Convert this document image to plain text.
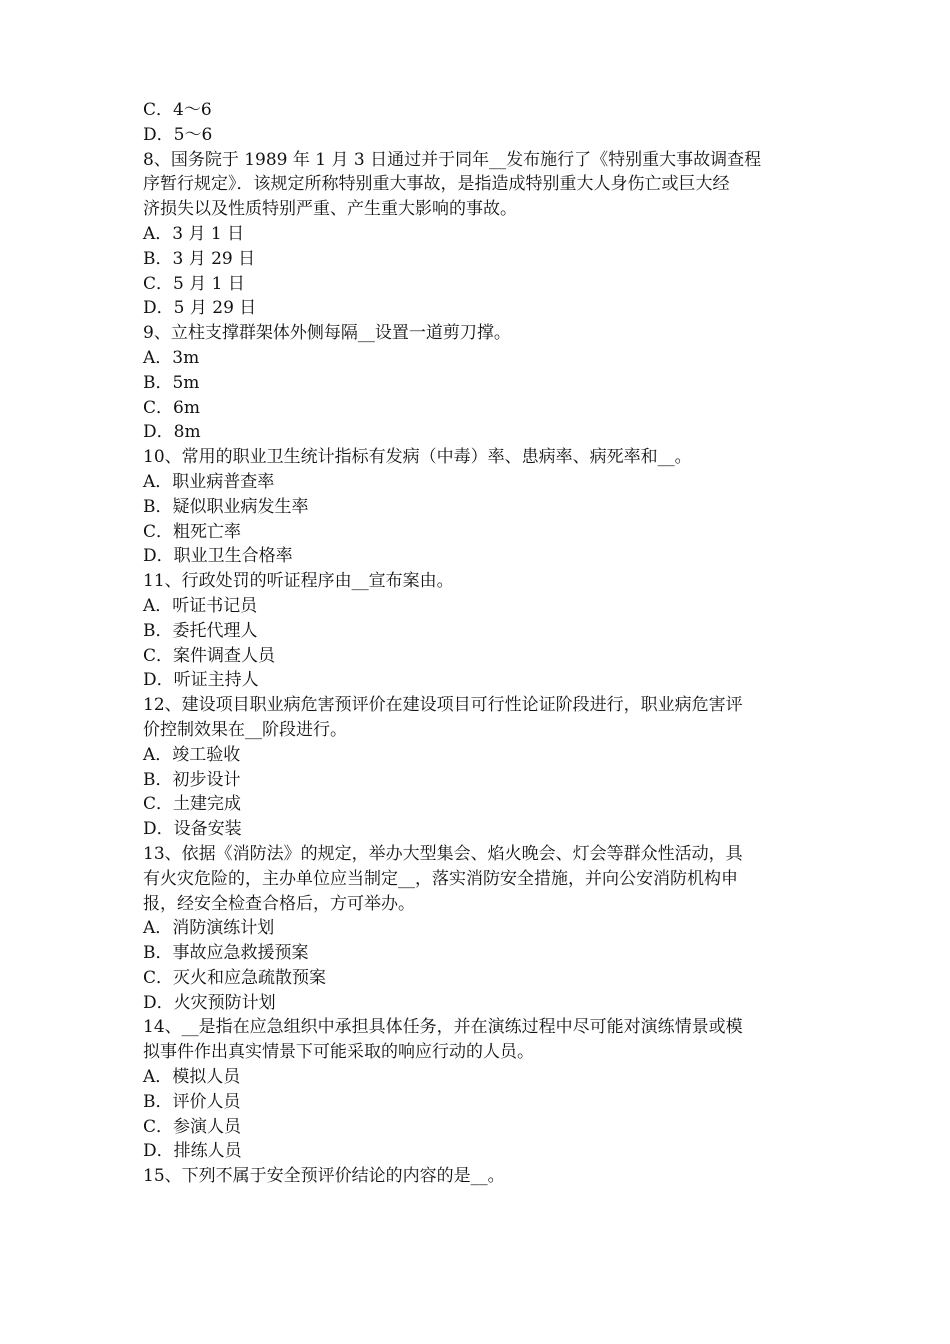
C．4～6
D．5～6
8、国务院于 1989 年 1 月 3 日通过并于同年__发布施行了《特别重大事故调查程
序暂行规定》．该规定所称特别重大事故，是指造成特别重大人身伤亡或巨大经
济损失以及性质特别严重、产生重大影响的事故。
A．3 月 1 日
B．3 月 29 日
C．5 月 1 日
D．5 月 29 日
9、立柱支撑群架体外侧每隔__设置一道剪刀撑。
A．3m
B．5m
C．6m
D．8m
10、常用的职业卫生统计指标有发病（中毒）率、患病率、病死率和__。
A．职业病普查率
B．疑似职业病发生率
C．粗死亡率
D．职业卫生合格率
11、行政处罚的听证程序由__宣布案由。
A．听证书记员
B．委托代理人
C．案件调查人员
D．听证主持人
12、建设项目职业病危害预评价在建设项目可行性论证阶段进行，职业病危害评
价控制效果在__阶段进行。
A．竣工验收
B．初步设计
C．土建完成
D．设备安装
13、依据《消防法》的规定，举办大型集会、焰火晚会、灯会等群众性活动，具
有火灾危险的，主办单位应当制定__，落实消防安全措施，并向公安消防机构申
报，经安全检查合格后，方可举办。
A．消防演练计划
B．事故应急救援预案
C．灭火和应急疏散预案
D．火灾预防计划
14、__是指在应急组织中承担具体任务，并在演练过程中尽可能对演练情景或模
拟事件作出真实情景下可能采取的响应行动的人员。
A．模拟人员
B．评价人员
C．参演人员
D．排练人员
15、下列不属于安全预评价结论的内容的是__。
